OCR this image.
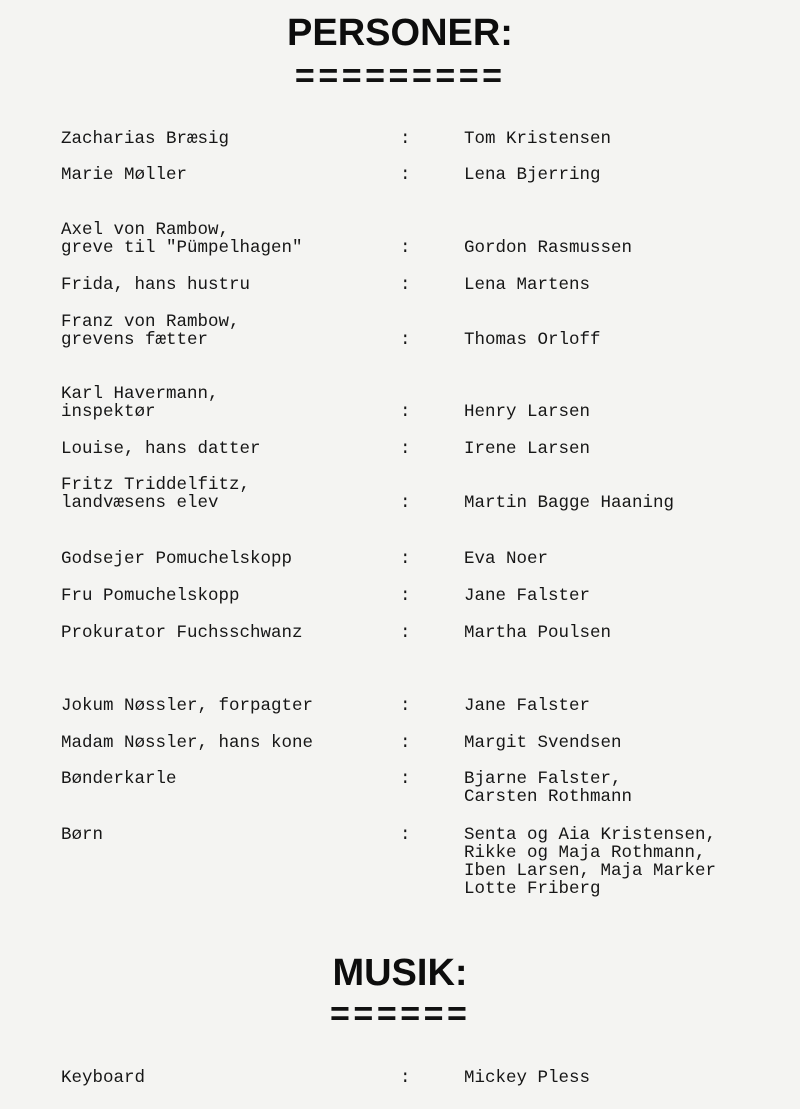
PERSONER:
=========
Zacharias Bræsig	:	Tom Kristensen
Marie Møller	:	Lena Bjerring
Axel von Rambow,
greve til "Pümpelhagen"	:	Gordon Rasmussen
Frida, hans hustru	:	Lena Martens
Franz von Rambow,
grevens fætter	:	Thomas Orloff
Karl Havermann,
inspektør	:	Henry Larsen
Louise, hans datter	:	Irene Larsen
Fritz Triddelfitz,
landvæsens elev	:	Martin Bagge Haaning
Godsejer Pomuchelskopp	:	Eva Noer
Fru Pomuchelskopp	:	Jane Falster
Prokurator Fuchsschwanz	:	Martha Poulsen
Jokum Nøssler, forpagter	:	Jane Falster
Madam Nøssler, hans kone	:	Margit Svendsen
Bønderkarle	:	Bjarne Falster,
Carsten Rothmann
Børn	:	Senta og Aia Kristensen,
Rikke og Maja Rothmann,
Iben Larsen, Maja Marker
Lotte Friberg
MUSIK:
======
Keyboard	:	Mickey Pless
